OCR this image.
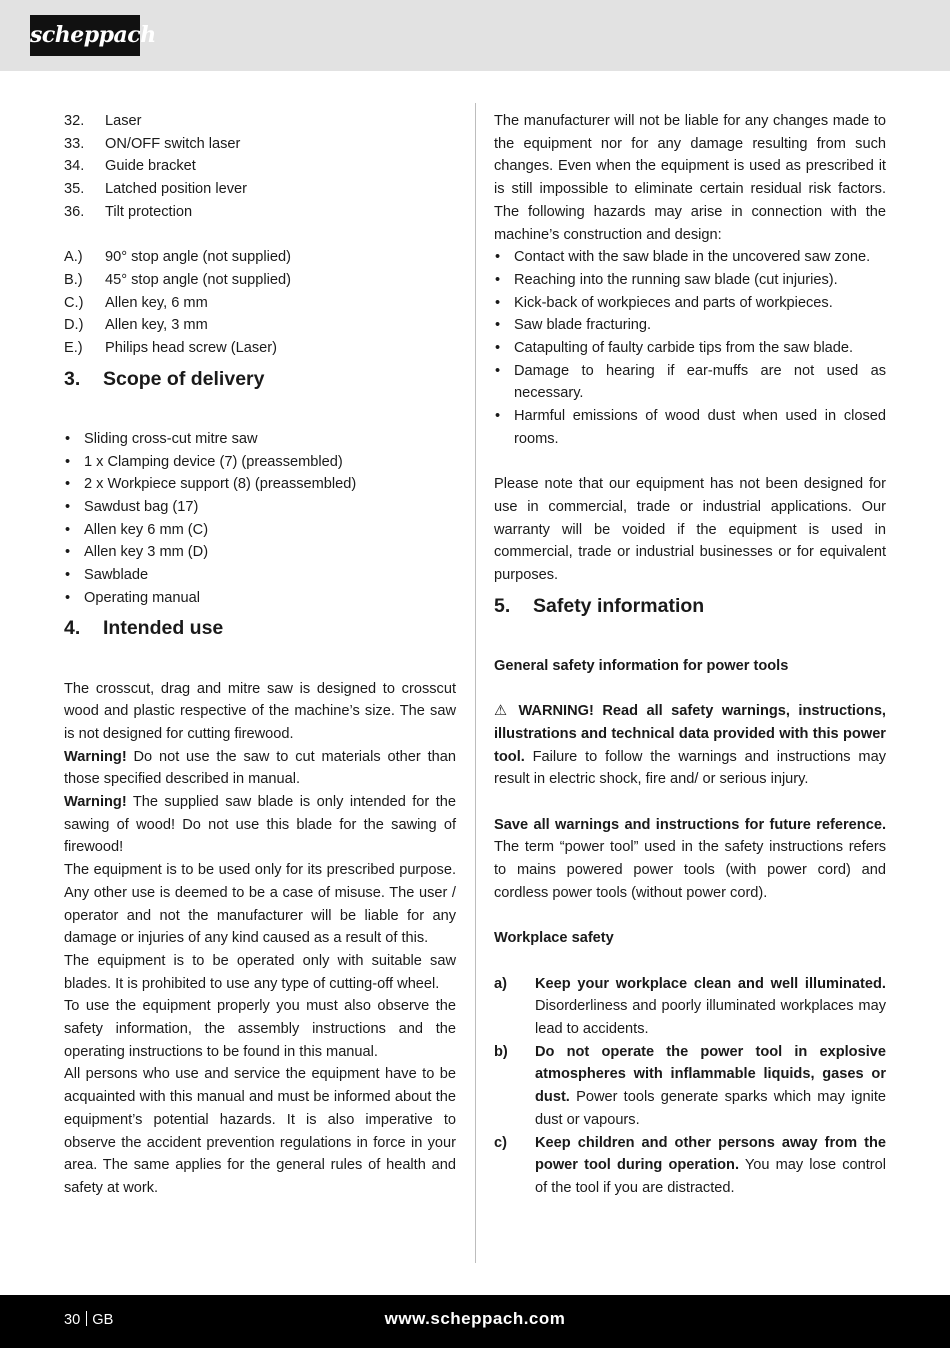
scheppach
32.	Laser
33.	ON/OFF switch laser
34.	Guide bracket
35.	Latched position lever
36.	Tilt protection
A.)	90° stop angle (not supplied)
B.)	45° stop angle (not supplied)
C.)	Allen key, 6 mm
D.)	Allen key, 3 mm
E.)	Philips head screw (Laser)
3.	Scope of delivery
• Sliding cross-cut mitre saw
• 1 x Clamping device (7) (preassembled)
• 2 x Workpiece support (8) (preassembled)
• Sawdust bag (17)
• Allen key 6 mm (C)
• Allen key 3 mm (D)
• Sawblade
• Operating manual
4.	Intended use

The crosscut, drag and mitre saw is designed to crosscut wood and plastic respective of the machine’s size. The saw is not designed for cutting firewood.

Warning! Do not use the saw to cut materials other than those specified described in manual.

Warning! The supplied saw blade is only intended for the sawing of wood! Do not use this blade for the sawing of firewood!

The equipment is to be used only for its prescribed purpose. Any other use is deemed to be a case of misuse. The user / operator and not the manufacturer will be liable for any damage or injuries of any kind caused as a result of this.

The equipment is to be operated only with suitable saw blades. It is prohibited to use any type of cutting-off wheel.

To use the equipment properly you must also observe the safety information, the assembly instructions and the operating instructions to be found in this manual.

All persons who use and service the equipment have to be acquainted with this manual and must be informed about the equipment’s potential hazards. It is also imperative to observe the accident prevention regulations in force in your area. The same applies for the general rules of health and safety at work.

The manufacturer will not be liable for any changes made to the equipment nor for any damage resulting from such changes. Even when the equipment is used as prescribed it is still impossible to eliminate certain residual risk factors. The following hazards may arise in connection with the machine’s construction and design:

• Contact with the saw blade in the uncovered saw zone.
• Reaching into the running saw blade (cut injuries).
• Kick-back of workpieces and parts of workpieces.
• Saw blade fracturing.
• Catapulting of faulty carbide tips from the saw blade.
• Damage to hearing if ear-muffs are not used as necessary.
• Harmful emissions of wood dust when used in closed rooms.

Please note that our equipment has not been designed for use in commercial, trade or industrial applications. Our warranty will be voided if the equipment is used in commercial, trade or industrial businesses or for equivalent purposes.

5.	Safety information

General safety information for power tools

⚠ WARNING! Read all safety warnings, instructions, illustrations and technical data provided with this power tool. Failure to follow the warnings and instructions may result in electric shock, fire and/ or serious injury.

Save all warnings and instructions for future reference. The term “power tool” used in the safety instructions refers to mains powered power tools (with power cord) and cordless power tools (without power cord).

Workplace safety

a)	Keep your workplace clean and well illuminated. Disorderliness and poorly illuminated workplaces may lead to accidents.
b)	Do not operate the power tool in explosive atmospheres with inflammable liquids, gases or dust. Power tools generate sparks which may ignite dust or vapours.
c)	Keep children and other persons away from the power tool during operation. You may lose control of the tool if you are distracted.
30 GB	www.scheppach.com
